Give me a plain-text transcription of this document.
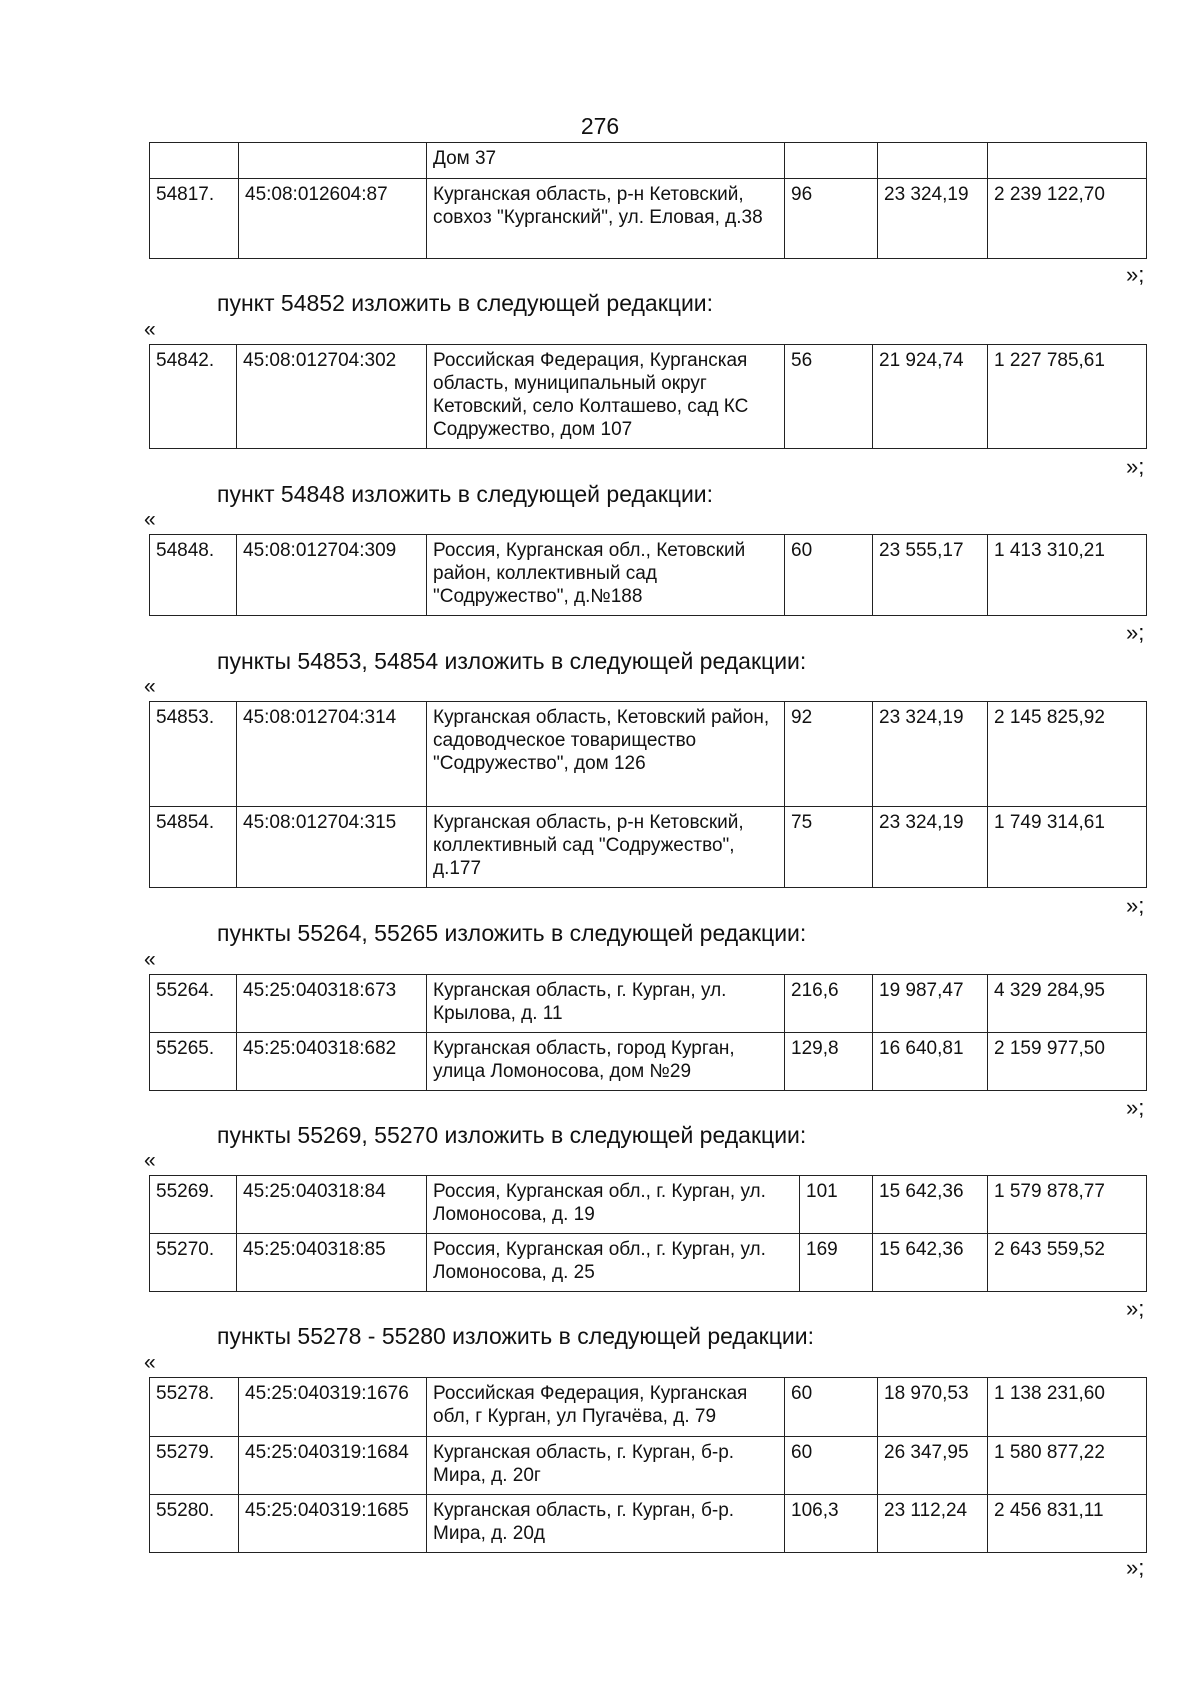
276
		Дом 37			
54817.	45:08:012604:87	Курганская область, р-н Кетовский, совхоз "Курганский", ул. Еловая, д.38	96	23 324,19	2 239 122,70
»;
пункт 54852 изложить в следующей редакции:
«
54842.	45:08:012704:302	Российская Федерация, Курганская область, муниципальный округ Кетовский, село Колташево, сад КС Содружество, дом 107	56	21 924,74	1 227 785,61
»;
пункт 54848 изложить в следующей редакции:
«
54848.	45:08:012704:309	Россия, Курганская обл., Кетовский район, коллективный сад "Содружество", д.№188	60	23 555,17	1 413 310,21
»;
пункты 54853, 54854 изложить в следующей редакции:
«
54853.	45:08:012704:314	Курганская область, Кетовский район, садоводческое товарищество "Содружество", дом 126	92	23 324,19	2 145 825,92
54854.	45:08:012704:315	Курганская область, р-н Кетовский, коллективный сад "Содружество", д.177	75	23 324,19	1 749 314,61
»;
пункты 55264, 55265 изложить в следующей редакции:
«
55264.	45:25:040318:673	Курганская область, г. Курган, ул. Крылова, д. 11	216,6	19 987,47	4 329 284,95
55265.	45:25:040318:682	Курганская область, город Курган, улица Ломоносова, дом №29	129,8	16 640,81	2 159 977,50
»;
пункты 55269, 55270 изложить в следующей редакции:
«
55269.	45:25:040318:84	Россия, Курганская обл., г. Курган, ул. Ломоносова, д. 19	101	15 642,36	1 579 878,77
55270.	45:25:040318:85	Россия, Курганская обл., г. Курган, ул. Ломоносова, д. 25	169	15 642,36	2 643 559,52
»;
пункты 55278 - 55280 изложить в следующей редакции:
«
55278.	45:25:040319:1676	Российская Федерация, Курганская обл, г Курган, ул Пугачёва, д. 79	60	18 970,53	1 138 231,60
55279.	45:25:040319:1684	Курганская область, г. Курган, б-р. Мира, д. 20г	60	26 347,95	1 580 877,22
55280.	45:25:040319:1685	Курганская область, г. Курган, б-р. Мира, д. 20д	106,3	23 112,24	2 456 831,11
»;
